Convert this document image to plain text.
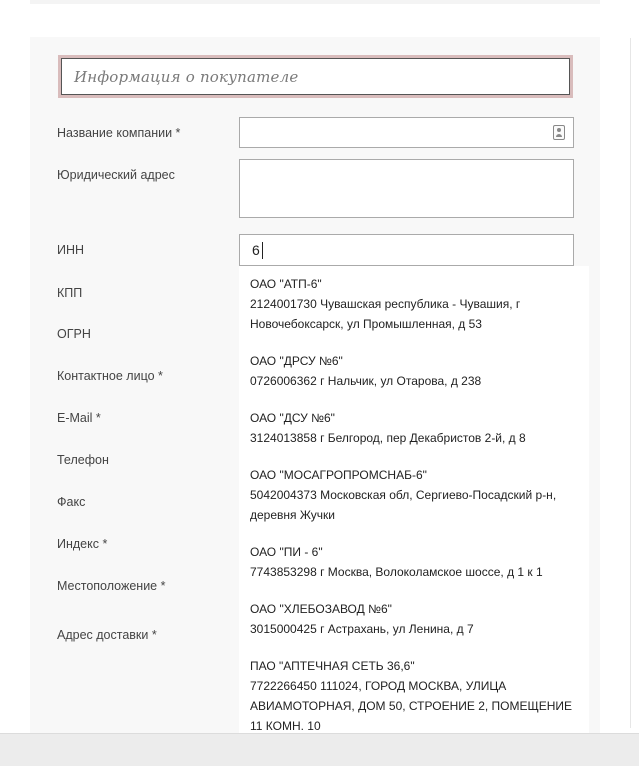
Информация о покупателе
Название компании *
Юридический адрес
ИНН	6
КПП
ОГРН
Контактное лицо *
E-Mail *
Телефон
Факс
Индекс *
Местоположение *
Адрес доставки *
ОАО "АТП-6"
2124001730 Чувашская республика - Чувашия, г Новочебоксарск, ул Промышленная, д 53
ОАО "ДРСУ №6"
0726006362 г Нальчик, ул Отарова, д 238
ОАО "ДСУ №6"
3124013858 г Белгород, пер Декабристов 2-й, д 8
ОАО "МОСАГРОПРОМСНАБ-6"
5042004373 Московская обл, Сергиево-Посадский р-н, деревня Жучки
ОАО "ПИ - 6"
7743853298 г Москва, Волоколамское шоссе, д 1 к 1
ОАО "ХЛЕБОЗАВОД №6"
3015000425 г Астрахань, ул Ленина, д 7
ПАО "АПТЕЧНАЯ СЕТЬ 36,6"
7722266450 111024, ГОРОД МОСКВА, УЛИЦА АВИАМОТОРНАЯ, ДОМ 50, СТРОЕНИЕ 2, ПОМЕЩЕНИЕ 11 КОМН. 10
